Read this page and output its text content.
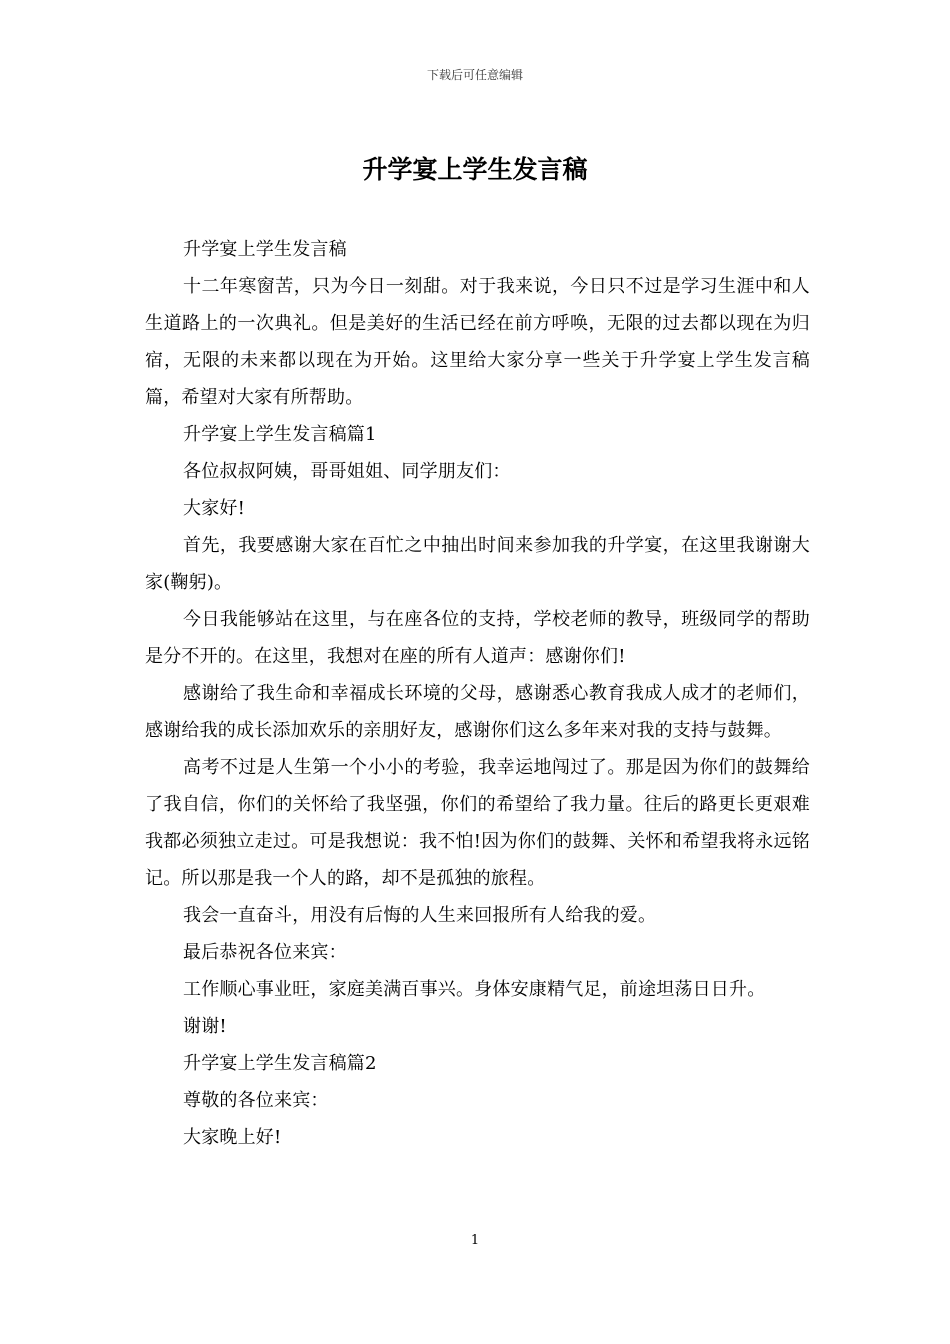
下载后可任意编辑
升学宴上学生发言稿

升学宴上学生发言稿

十二年寒窗苦，只为今日一刻甜。对于我来说，今日只不过是学习生涯中和人生道路上的一次典礼。但是美好的生活已经在前方呼唤，无限的过去都以现在为归宿，无限的未来都以现在为开始。这里给大家分享一些关于升学宴上学生发言稿篇，希望对大家有所帮助。

升学宴上学生发言稿篇1

各位叔叔阿姨，哥哥姐姐、同学朋友们：

大家好!

首先，我要感谢大家在百忙之中抽出时间来参加我的升学宴，在这里我谢谢大家(鞠躬)。

今日我能够站在这里，与在座各位的支持，学校老师的教导，班级同学的帮助是分不开的。在这里，我想对在座的所有人道声：感谢你们!

感谢给了我生命和幸福成长环境的父母，感谢悉心教育我成人成才的老师们，感谢给我的成长添加欢乐的亲朋好友，感谢你们这么多年来对我的支持与鼓舞。

高考不过是人生第一个小小的考验，我幸运地闯过了。那是因为你们的鼓舞给了我自信，你们的关怀给了我坚强，你们的希望给了我力量。往后的路更长更艰难我都必须独立走过。可是我想说：我不怕!因为你们的鼓舞、关怀和希望我将永远铭记。所以那是我一个人的路，却不是孤独的旅程。

我会一直奋斗，用没有后悔的人生来回报所有人给我的爱。

最后恭祝各位来宾：

工作顺心事业旺，家庭美满百事兴。身体安康精气足，前途坦荡日日升。

谢谢!

升学宴上学生发言稿篇2

尊敬的各位来宾：

大家晚上好!

1
